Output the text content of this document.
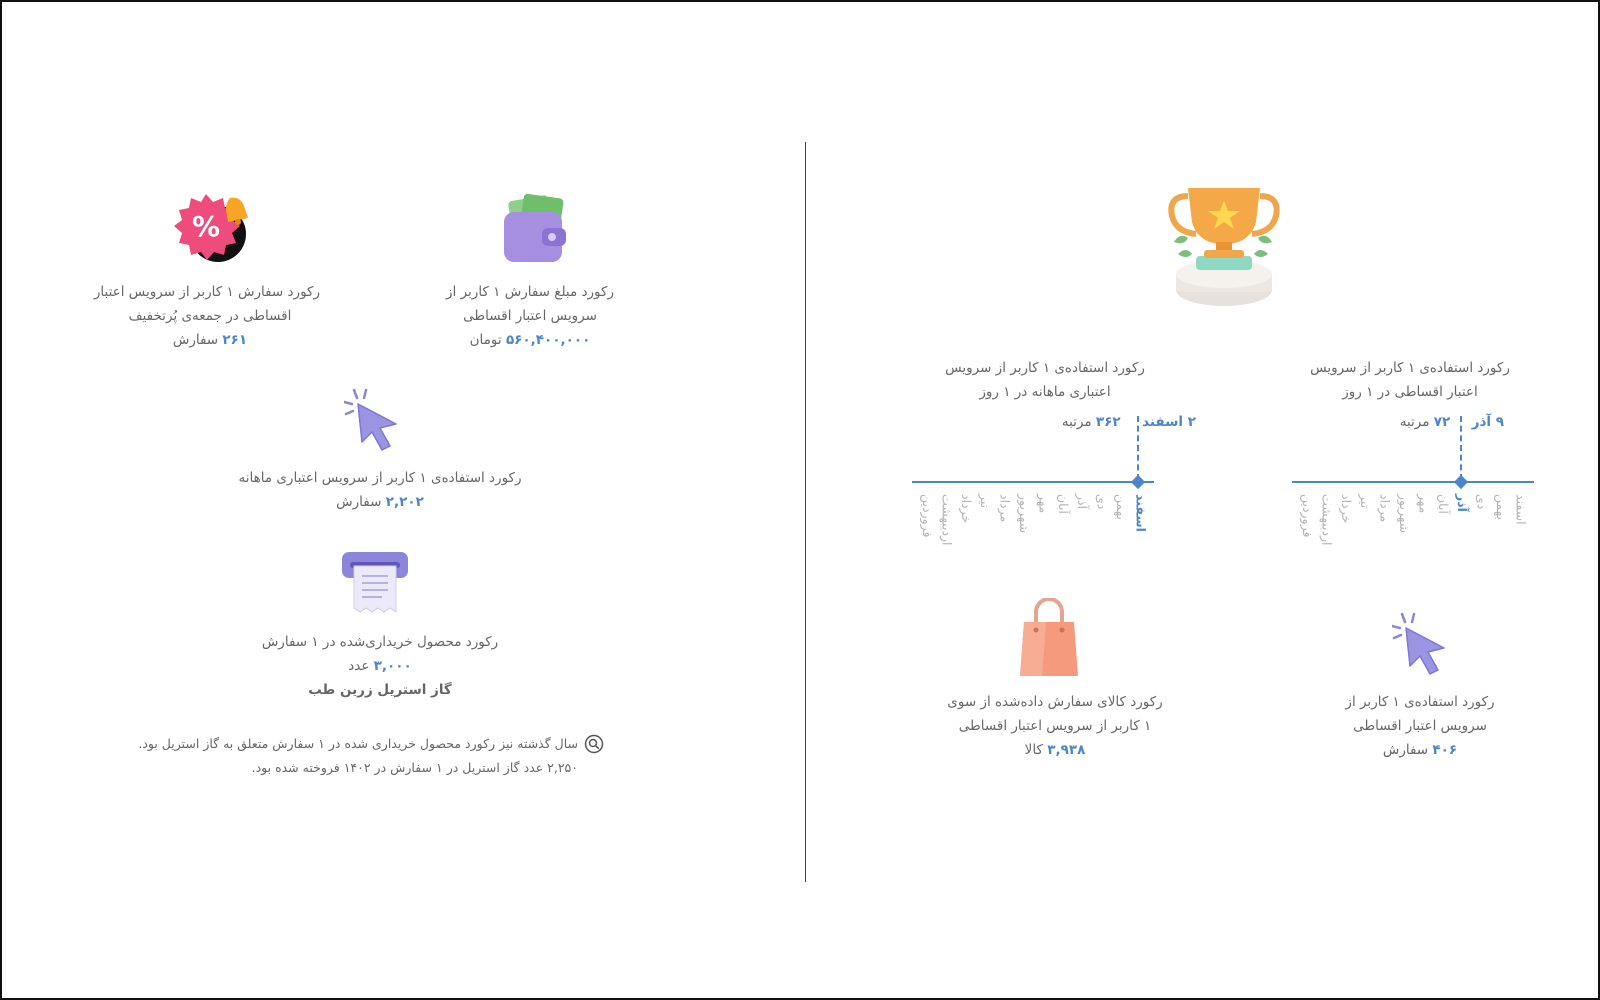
%
رکورد سفارش ۱ کاربر از سرویس اعتبار
اقساطی در جمعه‌ی پُرتخفیف
۲۶۱ سفارش
رکورد مبلغ سفارش ۱ کاربر از
سرویس اعتبار اقساطی
۵۶۰,۴۰۰,۰۰۰ تومان
رکورد استفاده‌ی ۱ کاربر از سرویس اعتباری ماهانه
۲,۲۰۲ سفارش
رکورد محصول خریداری‌شده در ۱ سفارش
۳,۰۰۰ عدد
گاز استریل زرین طب
سال گذشته نیز رکورد محصول خریداری شده در ۱ سفارش متعلق به گاز استریل بود.
۲,۲۵۰ عدد گاز استریل در ۱ سفارش در ۱۴۰۲ فروخته شده بود.
رکورد استفاده‌ی ۱ کاربر از سرویس
اعتبار اقساطی در ۱ روز
۹ آذر     ۷۲ مرتبه
فروردین اردیبهشت خرداد تیر مرداد شهریور مهر آبان آذر دی بهمن اسفند
رکورد استفاده‌ی ۱ کاربر از سرویس
اعتباری ماهانه در ۱ روز
۲ اسفند     ۳۶۲ مرتبه
فروردین اردیبهشت خرداد تیر مرداد شهریور مهر آبان آذر دی بهمن اسفند
رکورد استفاده‌ی ۱ کاربر از
سرویس اعتبار اقساطی
۴۰۶ سفارش
رکورد کالای سفارش داده‌شده از سوی
۱ کاربر از سرویس اعتبار اقساطی
۳,۹۳۸ کالا
